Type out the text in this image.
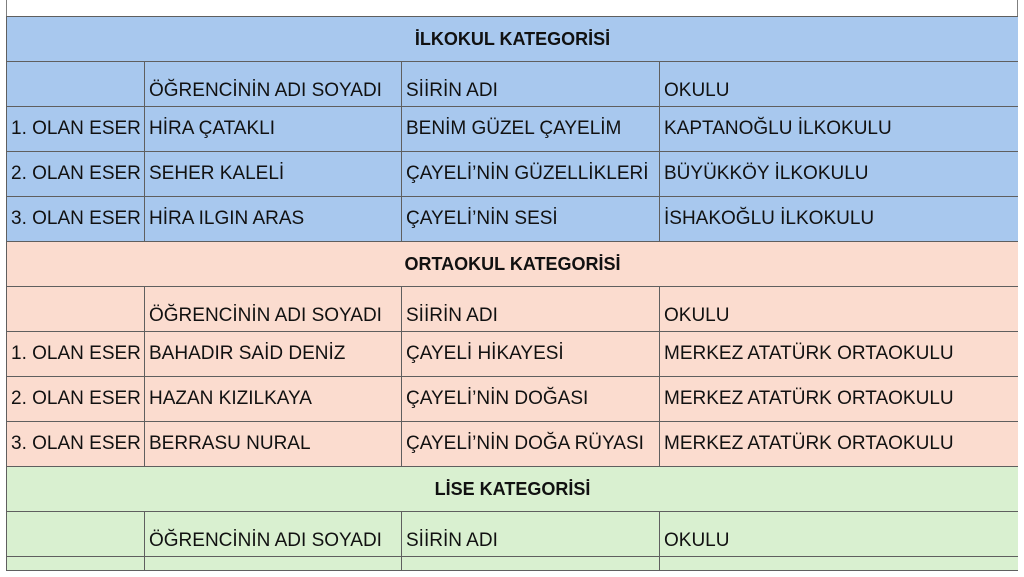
İLKOKUL KATEGORİSİ			
	ÖĞRENCİNİN ADI SOYADI	SİİRİN ADI	OKULU
1. OLAN ESER	HİRA ÇATAKLI	BENİM GÜZEL ÇAYELİM	KAPTANOĞLU İLKOKULU
2. OLAN ESER	SEHER KALELİ	ÇAYELİ’NİN GÜZELLİKLERİ	BÜYÜKKÖY İLKOKULU
3. OLAN ESER	HİRA ILGIN ARAS	ÇAYELİ’NİN SESİ	İSHAKOĞLU İLKOKULU
ORTAOKUL KATEGORİSİ			
	ÖĞRENCİNİN ADI SOYADI	SİİRİN ADI	OKULU
1. OLAN ESER	BAHADIR SAİD DENİZ	ÇAYELİ HİKAYESİ	MERKEZ ATATÜRK ORTAOKULU
2. OLAN ESER	HAZAN KIZILKAYA	ÇAYELİ’NİN DOĞASI	MERKEZ ATATÜRK ORTAOKULU
3. OLAN ESER	BERRASU NURAL	ÇAYELİ’NİN DOĞA RÜYASI	MERKEZ ATATÜRK ORTAOKULU
LİSE KATEGORİSİ			
	ÖĞRENCİNİN ADI SOYADI	SİİRİN ADI	OKULU
